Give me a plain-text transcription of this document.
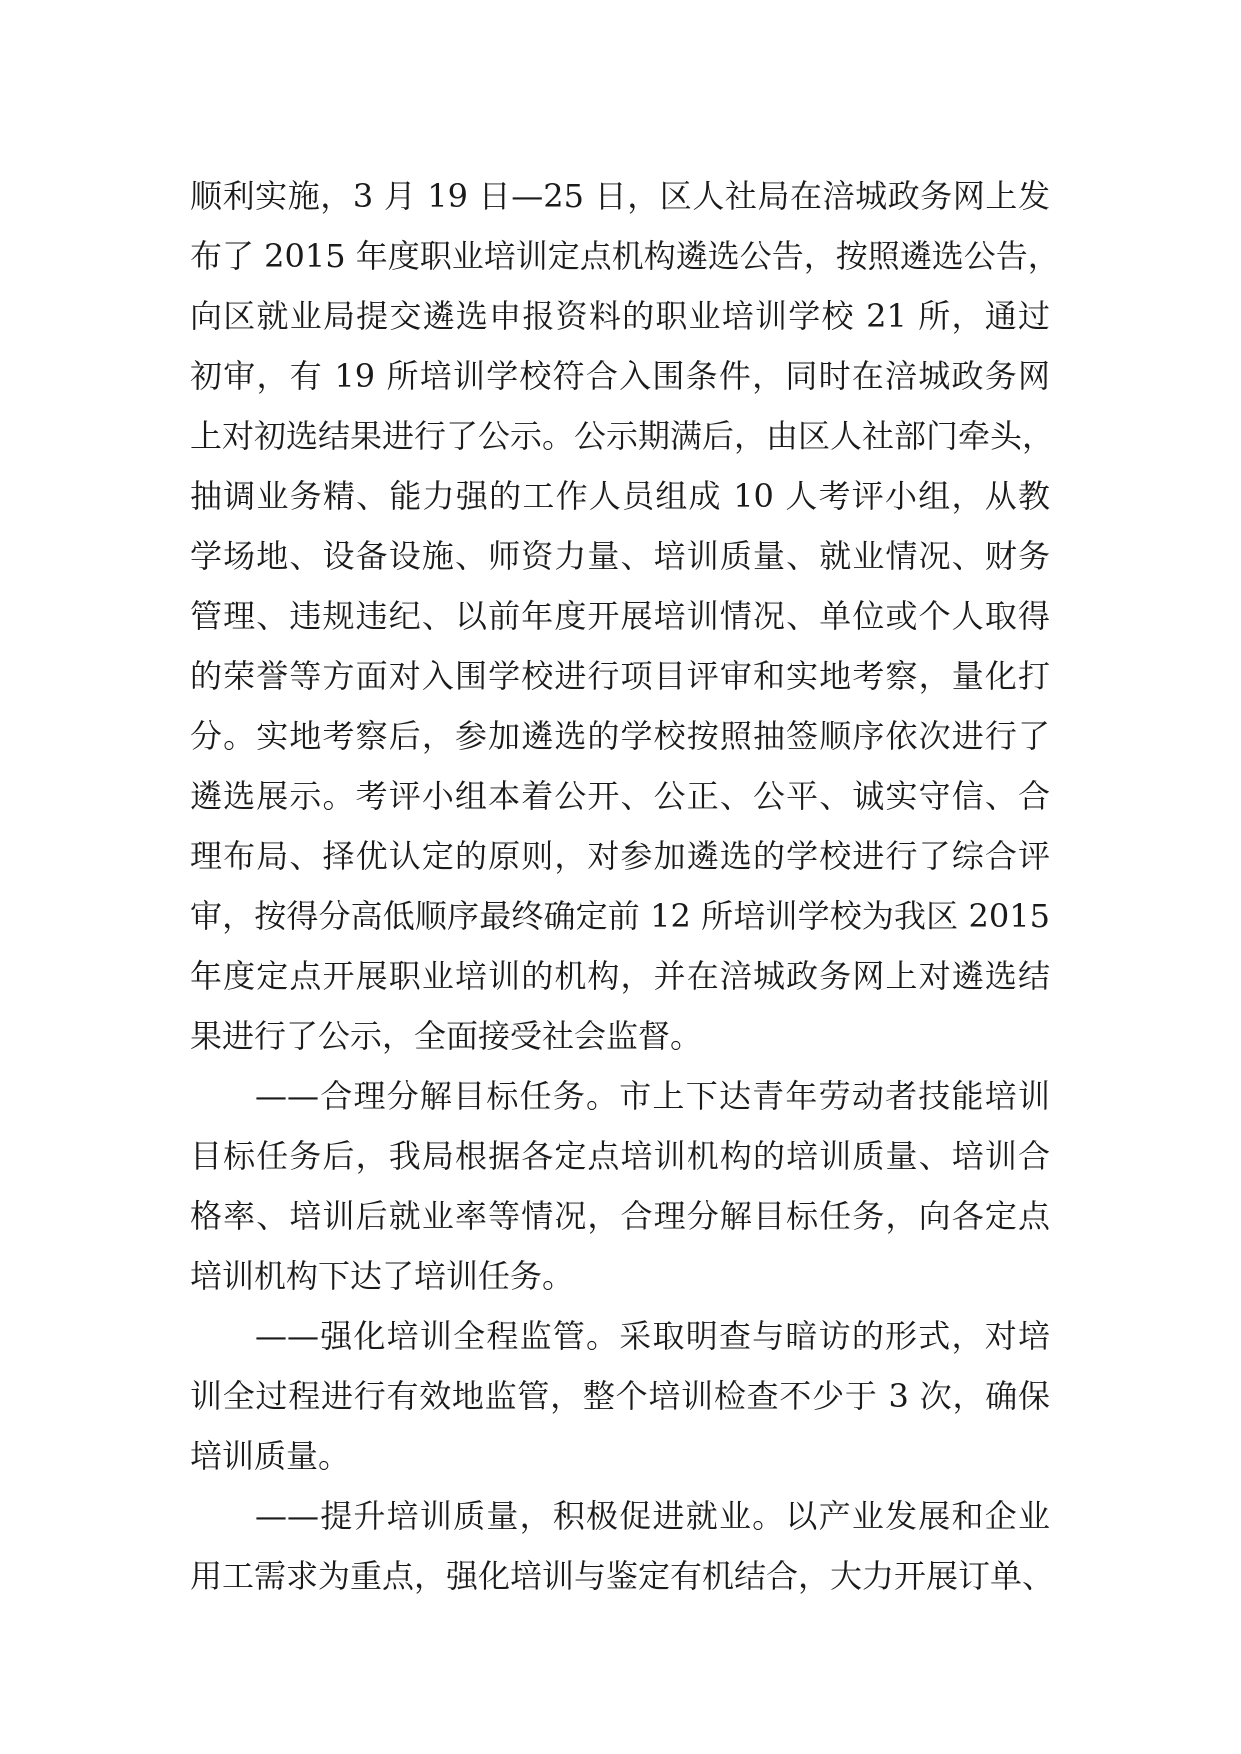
顺利实施，3 月 19 日—25 日，区人社局在涪城政务网上发
布了 2015 年度职业培训定点机构遴选公告，按照遴选公告，
向区就业局提交遴选申报资料的职业培训学校 21 所，通过
初审，有 19 所培训学校符合入围条件，同时在涪城政务网
上对初选结果进行了公示。公示期满后，由区人社部门牵头，
抽调业务精、能力强的工作人员组成 10 人考评小组，从教
学场地、设备设施、师资力量、培训质量、就业情况、财务
管理、违规违纪、以前年度开展培训情况、单位或个人取得
的荣誉等方面对入围学校进行项目评审和实地考察，量化打
分。实地考察后，参加遴选的学校按照抽签顺序依次进行了
遴选展示。考评小组本着公开、公正、公平、诚实守信、合
理布局、择优认定的原则，对参加遴选的学校进行了综合评
审，按得分高低顺序最终确定前 12 所培训学校为我区 2015
年度定点开展职业培训的机构，并在涪城政务网上对遴选结
果进行了公示，全面接受社会监督。
——合理分解目标任务。市上下达青年劳动者技能培训
目标任务后，我局根据各定点培训机构的培训质量、培训合
格率、培训后就业率等情况，合理分解目标任务，向各定点
培训机构下达了培训任务。
——强化培训全程监管。采取明查与暗访的形式，对培
训全过程进行有效地监管，整个培训检查不少于 3 次，确保
培训质量。
——提升培训质量，积极促进就业。以产业发展和企业
用工需求为重点，强化培训与鉴定有机结合，大力开展订单、
